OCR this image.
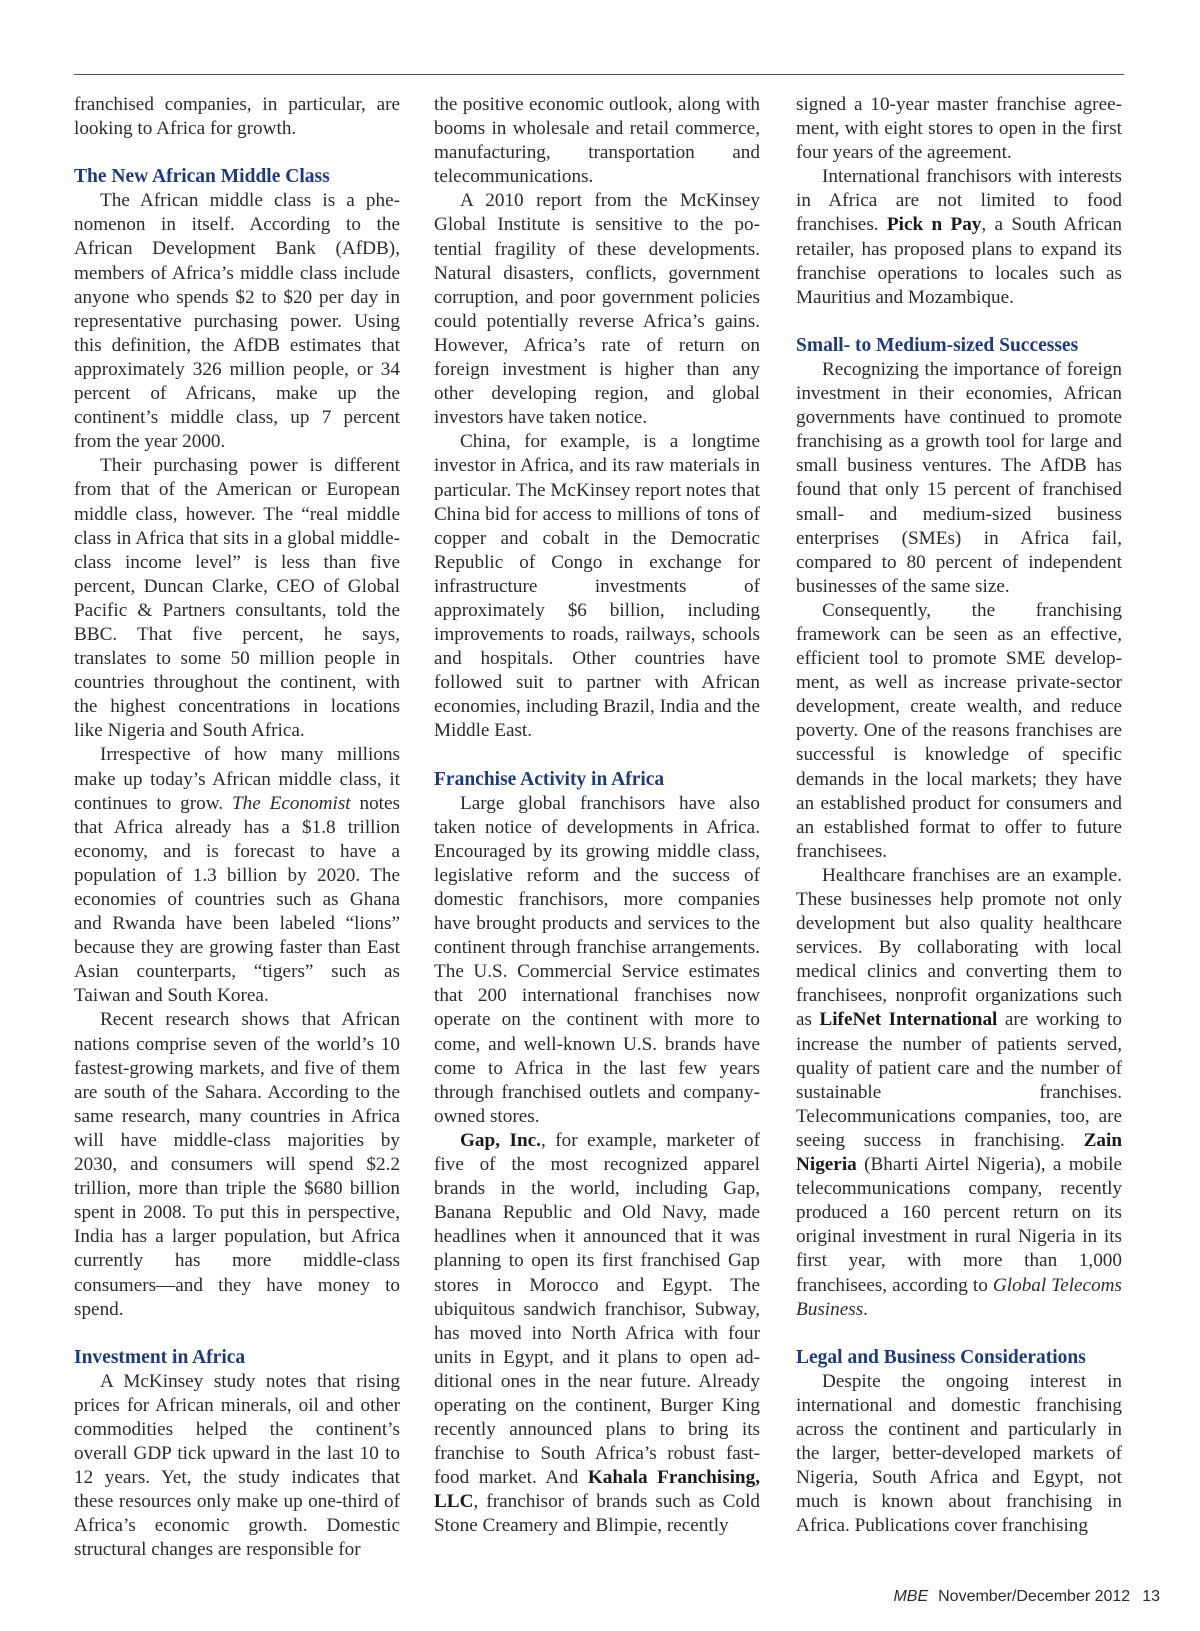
franchised companies, in particular, are looking to Africa for growth.

The New African Middle Class

The African middle class is a phenomenon in itself. According to the African Development Bank (AfDB), members of Africa’s middle class include anyone who spends $2 to $20 per day in representative purchasing power. Using this definition, the AfDB estimates that approximately 326 million people, or 34 percent of Africans, make up the continent’s middle class, up 7 percent from the year 2000.

Their purchasing power is different from that of the American or European middle class, however. The “real middle class in Africa that sits in a global middle-class income level” is less than five percent, Duncan Clarke, CEO of Global Pacific & Partners consultants, told the BBC. That five percent, he says, translates to some 50 million people in countries throughout the continent, with the highest concentrations in locations like Nigeria and South Africa.

Irrespective of how many millions make up today’s African middle class, it continues to grow. The Economist notes that Africa already has a $1.8 trillion economy, and is forecast to have a population of 1.3 billion by 2020. The economies of countries such as Ghana and Rwanda have been labeled “lions” because they are growing faster than East Asian counterparts, “tigers” such as Taiwan and South Korea.

Recent research shows that African nations comprise seven of the world’s 10 fastest-growing markets, and five of them are south of the Sahara. According to the same research, many countries in Africa will have middle-class majorities by 2030, and consumers will spend $2.2 trillion, more than triple the $680 billion spent in 2008. To put this in perspective, India has a larger population, but Africa currently has more middle-class consumers—and they have money to spend.

Investment in Africa

A McKinsey study notes that rising prices for African minerals, oil and other commodities helped the continent’s overall GDP tick upward in the last 10 to 12 years. Yet, the study indicates that these resources only make up one-third of Africa’s economic growth. Domestic structural changes are responsible for

the positive economic outlook, along with booms in wholesale and retail commerce, manufacturing, transportation and telecommunications.

A 2010 report from the McKinsey Global Institute is sensitive to the potential fragility of these developments. Natural disasters, conflicts, government corruption, and poor government policies could potentially reverse Africa’s gains. However, Africa’s rate of return on foreign investment is higher than any other developing region, and global investors have taken notice.

China, for example, is a longtime investor in Africa, and its raw materials in particular. The McKinsey report notes that China bid for access to millions of tons of copper and cobalt in the Democratic Republic of Congo in exchange for infrastructure investments of approximately $6 billion, including improvements to roads, railways, schools and hospitals. Other countries have followed suit to partner with African economies, including Brazil, India and the Middle East.

Franchise Activity in Africa

Large global franchisors have also taken notice of developments in Africa. Encouraged by its growing middle class, legislative reform and the success of domestic franchisors, more companies have brought products and services to the continent through franchise arrangements. The U.S. Commercial Service estimates that 200 international franchises now operate on the continent with more to come, and well-known U.S. brands have come to Africa in the last few years through franchised outlets and company-owned stores.

Gap, Inc., for example, marketer of five of the most recognized apparel brands in the world, including Gap, Banana Republic and Old Navy, made headlines when it announced that it was planning to open its first franchised Gap stores in Morocco and Egypt. The ubiquitous sandwich franchisor, Subway, has moved into North Africa with four units in Egypt, and it plans to open additional ones in the near future. Already operating on the continent, Burger King recently announced plans to bring its franchise to South Africa’s robust fast-food market. And Kahala Franchising, LLC, franchisor of brands such as Cold Stone Creamery and Blimpie, recently

signed a 10-year master franchise agreement, with eight stores to open in the first four years of the agreement.

International franchisors with interests in Africa are not limited to food franchises. Pick n Pay, a South African retailer, has proposed plans to expand its franchise operations to locales such as Mauritius and Mozambique.

Small- to Medium-sized Successes

Recognizing the importance of foreign investment in their economies, African governments have continued to promote franchising as a growth tool for large and small business ventures. The AfDB has found that only 15 percent of franchised small- and medium-sized business enterprises (SMEs) in Africa fail, compared to 80 percent of independent businesses of the same size.

Consequently, the franchising framework can be seen as an effective, efficient tool to promote SME development, as well as increase private-sector development, create wealth, and reduce poverty. One of the reasons franchises are successful is knowledge of specific demands in the local markets; they have an established product for consumers and an established format to offer to future franchisees.

Healthcare franchises are an example. These businesses help promote not only development but also quality healthcare services. By collaborating with local medical clinics and converting them to franchisees, nonprofit organizations such as LifeNet International are working to increase the number of patients served, quality of patient care and the number of sustainable franchises. Telecommunications companies, too, are seeing success in franchising. Zain Nigeria (Bharti Airtel Nigeria), a mobile telecommunications company, recently produced a 160 percent return on its original investment in rural Nigeria in its first year, with more than 1,000 franchisees, according to Global Telecoms Business.

Legal and Business Considerations

Despite the ongoing interest in international and domestic franchising across the continent and particularly in the larger, better-developed markets of Nigeria, South Africa and Egypt, not much is known about franchising in Africa. Publications cover franchising

MBE November/December 2012 13
